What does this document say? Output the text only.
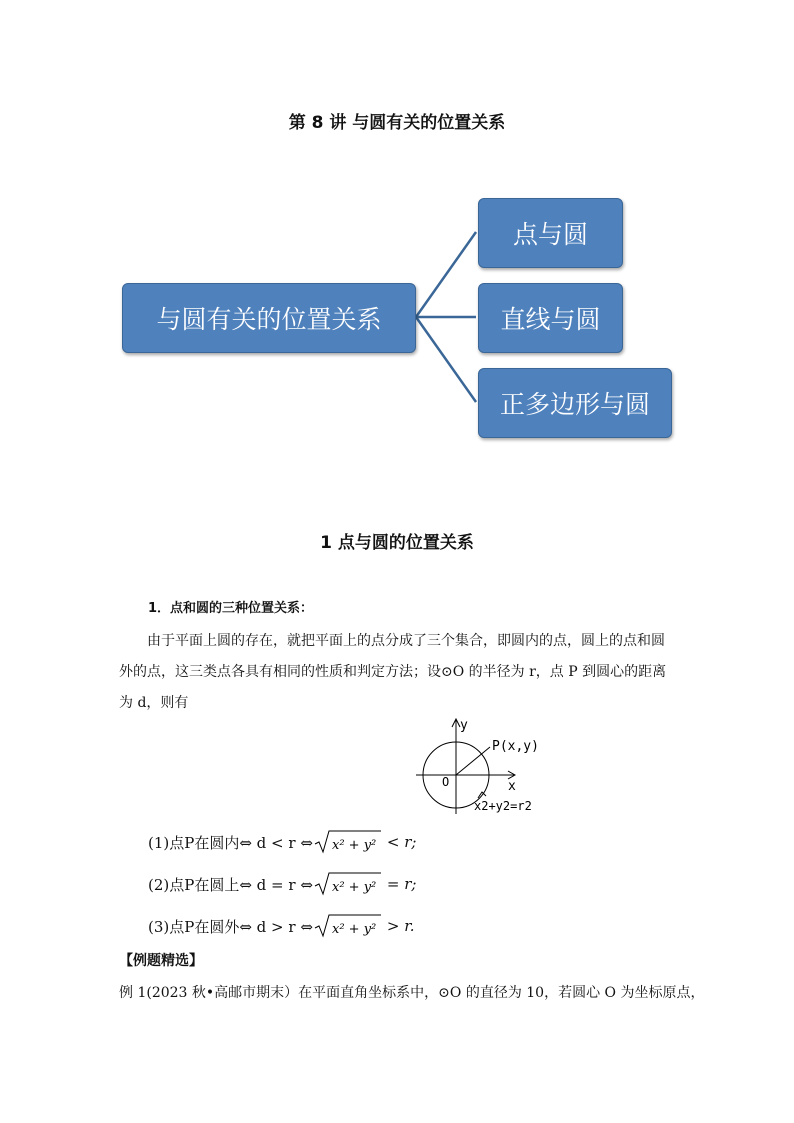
第 8 讲 与圆有关的位置关系
与圆有关的位置关系
点与圆
直线与圆
正多边形与圆
1 点与圆的位置关系
1．点和圆的三种位置关系：
由于平面上圆的存在，就把平面上的点分成了三个集合，即圆内的点，圆上的点和圆外的点，这三类点各具有相同的性质和判定方法；设⊙O 的半径为 r，点 P 到圆心的距离为 d，则有
y
x
O
P(x,y)
x2+y2=r2
(1)点P在圆内⇔ d < r ⇔ x² + y² < r;
(2)点P在圆上⇔ d = r ⇔ x² + y² = r;
(3)点P在圆外⇔ d > r ⇔ x² + y² > r.
【例题精选】
例 1(2023 秋•高邮市期末）在平面直角坐标系中，⊙O 的直径为 10，若圆心 O 为坐标原点，
